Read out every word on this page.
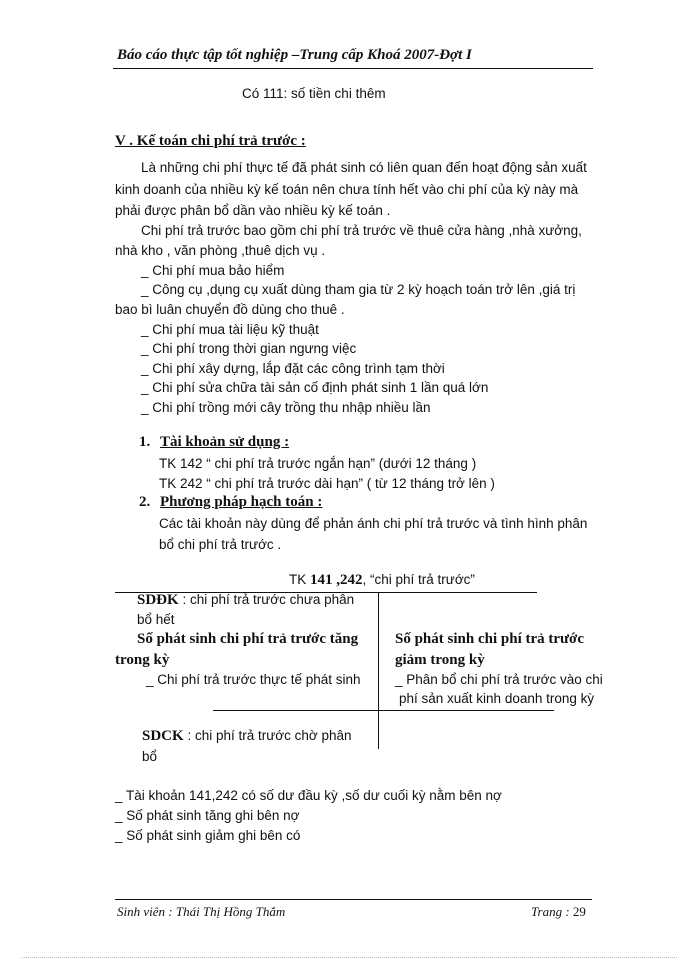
Báo cáo thực tập tốt nghiệp –Trung cấp Khoá 2007-Đợt I
Có 111: số tiền chi thêm
V . Kế toán chi phí trả trước :
Là những chi phí thực tế đã phát sinh có liên quan đến hoạt động sản xuất
kinh doanh của nhiều kỳ kế toán nên chưa tính hết vào chi phí của kỳ này mà
phải được phân bổ dần vào nhiều kỳ kế toán .
Chi phí trả trước bao gồm chi phí trả trước về thuê cửa hàng ,nhà xưởng,
nhà kho , văn phòng ,thuê dịch vụ .
_ Chi phí mua bảo hiểm
_ Công cụ ,dụng cụ xuất dùng tham gia từ 2 kỳ hoạch toán trở lên ,giá trị
bao bì luân chuyển đồ dùng cho thuê .
_ Chi phí mua tài liệu kỹ thuật
_ Chi phí trong thời gian ngưng việc
_ Chi phí xây dựng, lắp đặt các công trình tạm thời
_ Chi phí sửa chữa tài sản cố định phát sinh 1 lần quá lớn
_ Chi phí trồng mới cây trồng thu nhập nhiều lần
1. Tài khoản sử dụng :
TK 142 “ chi phí trả trước ngắn hạn” (dưới 12 tháng )
TK 242 “ chi phí trả trước dài hạn” ( từ 12 tháng trở lên )
2. Phương pháp hạch toán :
Các tài khoản này dùng để phản ánh chi phí trả trước và tình hình phân
bổ chi phí trả trước .
TK 141 ,242, “chi phí trả trước”
SDĐK : chi phí trả trước chưa phân
bổ hết
Số phát sinh chi phí trả trước tăng
trong kỳ
_ Chi phí trả trước thực tế phát sinh
SDCK : chi phí trả trước chờ phân
bổ
Số phát sinh chi phí trả trước
giảm trong kỳ
_ Phân bổ chi phí trả trước vào chi
phí sản xuất kinh doanh trong kỳ
_ Tài khoản 141,242 có số dư đầu kỳ ,số dư cuối kỳ nằm bên nợ
_ Số phát sinh tăng ghi bên nợ
_ Số phát sinh giảm ghi bên có
Sinh viên : Thái Thị Hồng Thắm	Trang : 29
